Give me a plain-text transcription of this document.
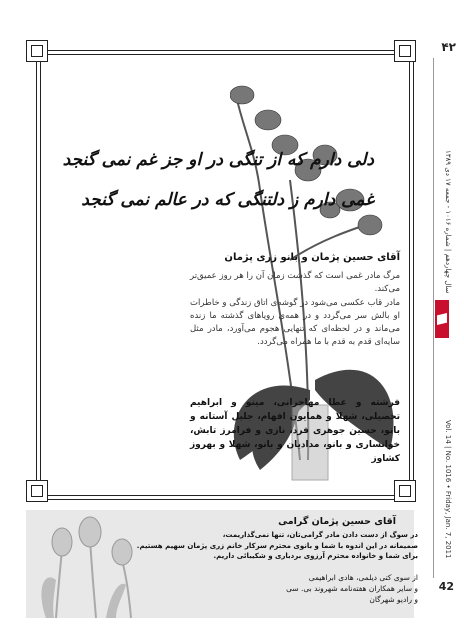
۴۲
سال چهاردهم | شماره ۱۰۱۶ - جمعه ۱۷ دی ۱۳۸۹
Vol. 14 | No. 1016 • Friday, Jan. 7, 2011
42
دلی دارم که از تنگی در او جز غم نمی گنجد
غمی دارم ز دلتنگی که در عالم نمی گنجد
آقای حسین پژمان و بانو زری پژمان

مرگ مادر غمی است که گذشت زمان آن را هر روز عمیق‌تر می‌کند.

مادر قاب عکسی می‌شود در گوشه‌ی اتاق زندگی و خاطرات او بالش سر می‌گردد و در همه‌ی رویاهای گذشته ما زنده می‌ماند و در لحظه‌ای که تنهایی هجوم می‌آورد، مادر مثل سایه‌ای قدم به قدم با ما همراه می‌گردد.

فرشته و عطا مهاجرانی، مینو و ابراهیم تحصیلی، شهلا و همایون افهام، جلیل آستانه و بانو، حسین جوهری فرد، نازی و فرامرز تابش، خوانساری و بانو، مدادیان و بانو، شهلا و بهروز کشاوز
آقای حسین پژمان گرامی

در سوگ از دست دادن مادر گرامی‌تان، تنها نمی‌گذاریمت،

صمیمانه در این اندوه با شما و بانوی محترم سرکار خانم زری پژمان سهیم هستیم.

برای شما و خانواده محترم آرزوی بردباری و شکیبائی داریم.

از سوی کتی دیلمی، هادی ابراهیمی

و سایر همکاران هفته‌نامه شهروند بی. سی

و رادیو شهرگان
